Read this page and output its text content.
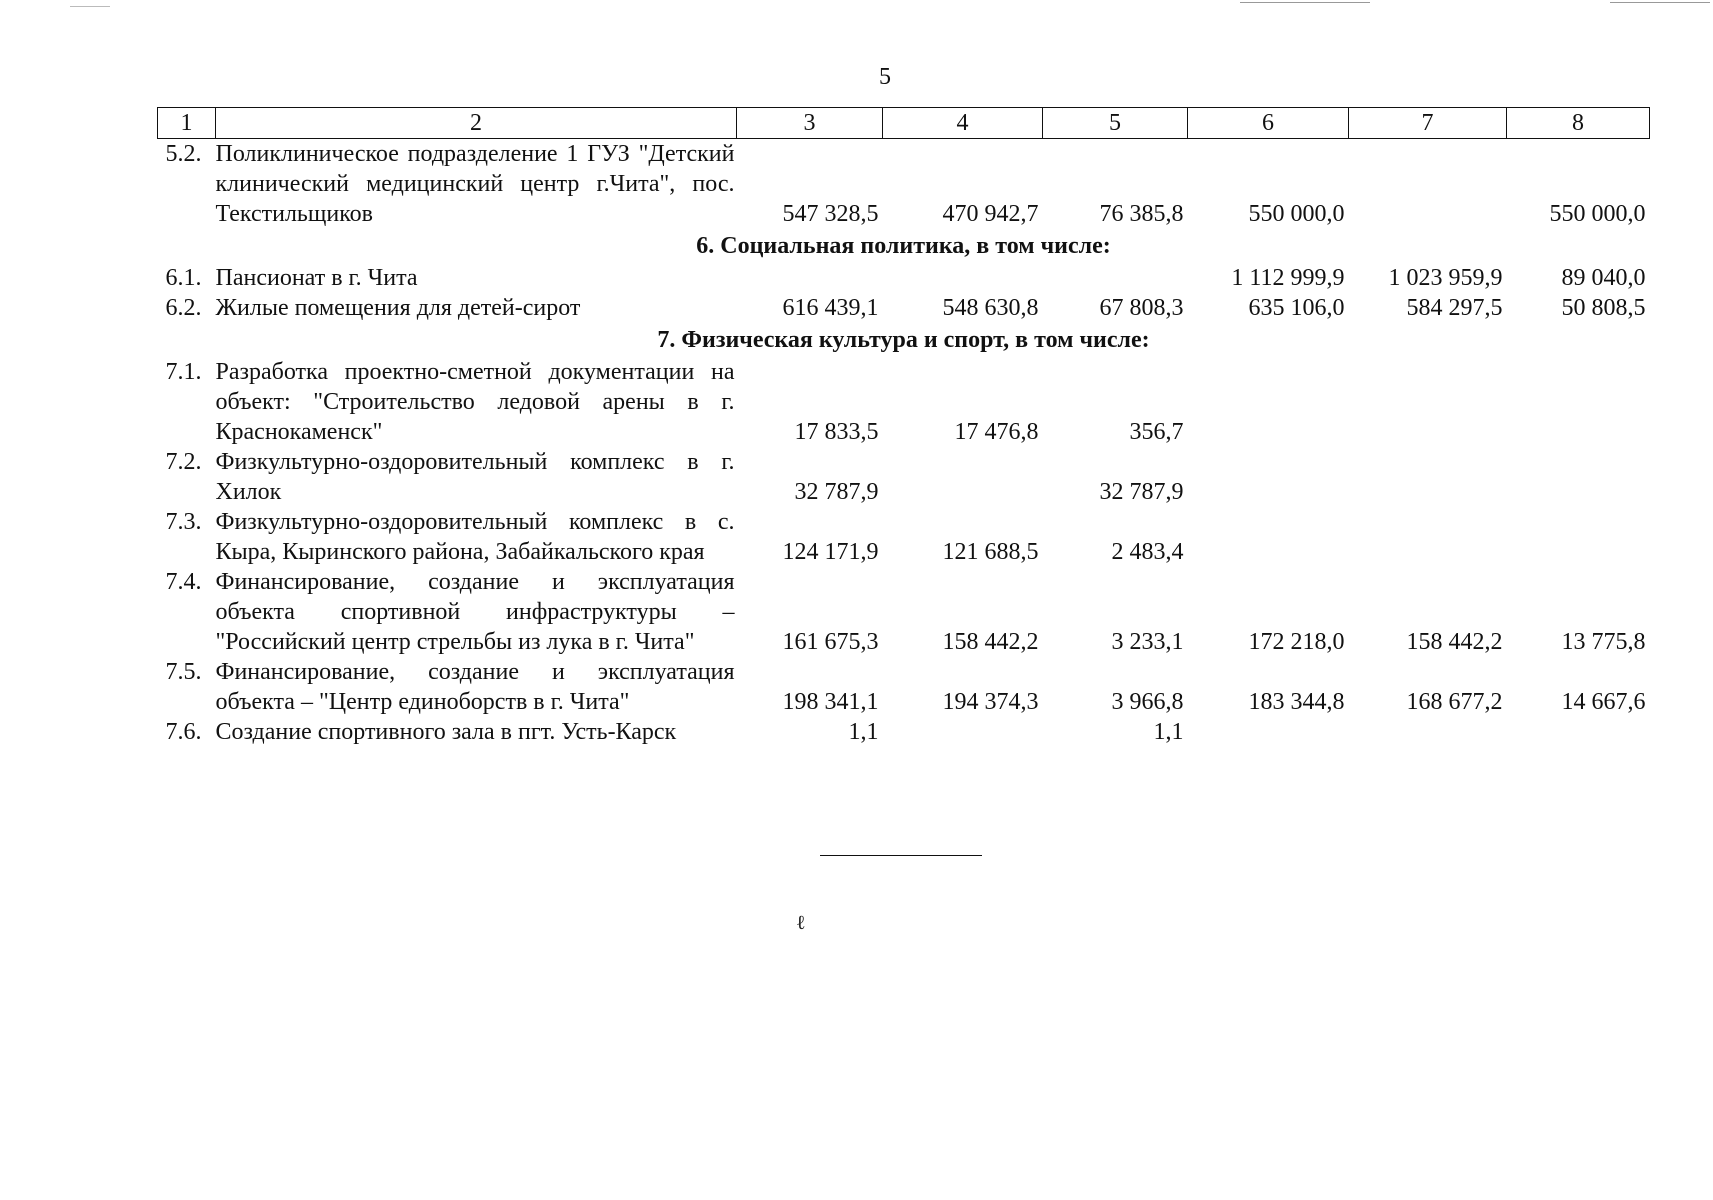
5
1	2	3	4	5	6	7	8
5.2.	Поликлиническое подразделение 1 ГУЗ "Детский клинический медицинский центр г.Чита", пос. Текстильщиков	547 328,5	470 942,7	76 385,8	550 000,0		550 000,0
6. Социальная политика, в том числе:							
6.1.	Пансионат в г. Чита				1 112 999,9	1 023 959,9	89 040,0
6.2.	Жилые помещения для детей-сирот	616 439,1	548 630,8	67 808,3	635 106,0	584 297,5	50 808,5
7. Физическая культура и спорт, в том числе:							
7.1.	Разработка проектно-сметной документации на объект: "Строительство ледовой арены в г. Краснокаменск"	17 833,5	17 476,8	356,7			
7.2.	Физкультурно-оздоровительный комплекс в г. Хилок	32 787,9		32 787,9			
7.3.	Физкультурно-оздоровительный комплекс в с. Кыра, Кыринского района, Забайкальского края	124 171,9	121 688,5	2 483,4			
7.4.	Финансирование, создание и эксплуатация объекта спортивной инфраструктуры – "Российский центр стрельбы из лука в г. Чита"	161 675,3	158 442,2	3 233,1	172 218,0	158 442,2	13 775,8
7.5.	Финансирование, создание и эксплуатация объекта – "Центр единоборств в г. Чита"	198 341,1	194 374,3	3 966,8	183 344,8	168 677,2	14 667,6
7.6.	Создание спортивного зала в пгт. Усть-Карск	1,1		1,1			
ℓ
